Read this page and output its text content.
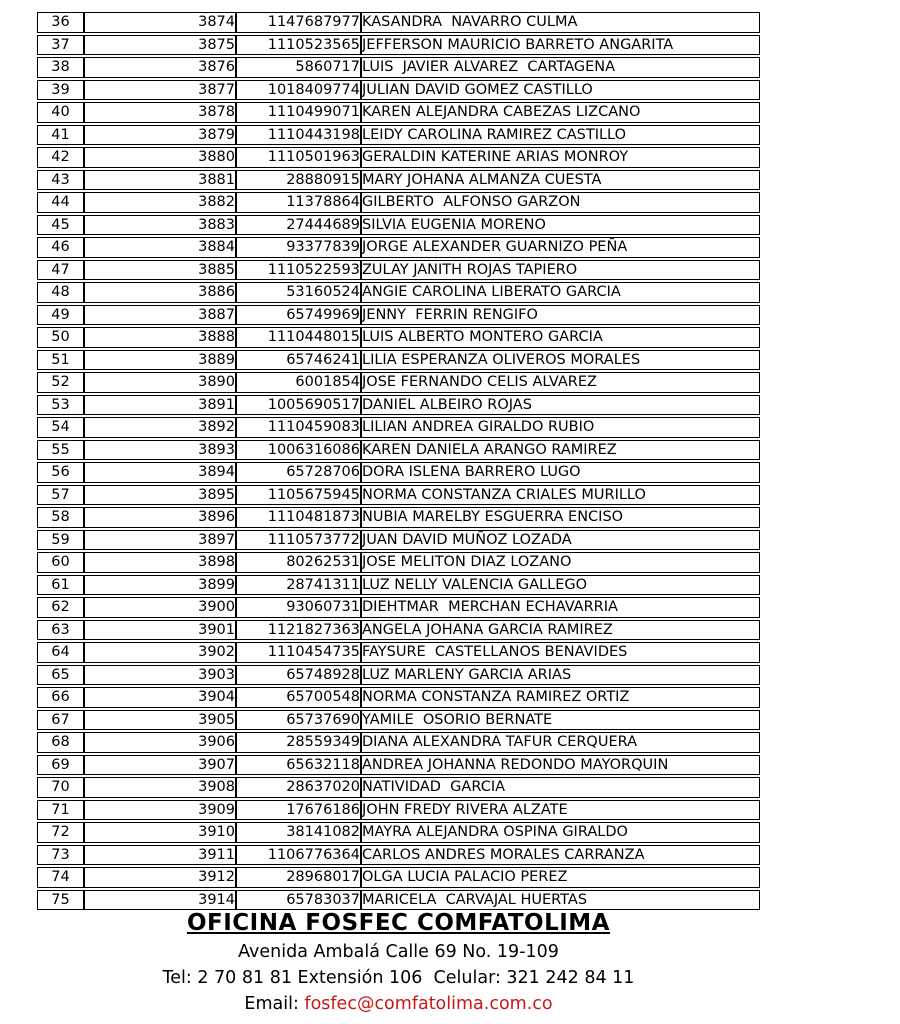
36	3874	1147687977	KASANDRA  NAVARRO CULMA
37	3875	1110523565	JEFFERSON MAURICIO BARRETO ANGARITA
38	3876	5860717	LUIS  JAVIER ALVAREZ  CARTAGENA
39	3877	1018409774	JULIAN DAVID GOMEZ CASTILLO
40	3878	1110499071	KAREN ALEJANDRA CABEZAS LIZCANO
41	3879	1110443198	LEIDY CAROLINA RAMIREZ CASTILLO
42	3880	1110501963	GERALDIN KATERINE ARIAS MONROY
43	3881	28880915	MARY JOHANA ALMANZA CUESTA
44	3882	11378864	GILBERTO  ALFONSO GARZON
45	3883	27444689	SILVIA EUGENIA MORENO
46	3884	93377839	JORGE ALEXANDER GUARNIZO PEÑA
47	3885	1110522593	ZULAY JANITH ROJAS TAPIERO
48	3886	53160524	ANGIE CAROLINA LIBERATO GARCIA
49	3887	65749969	JENNY  FERRIN RENGIFO
50	3888	1110448015	LUIS ALBERTO MONTERO GARCIA
51	3889	65746241	LILIA ESPERANZA OLIVEROS MORALES
52	3890	6001854	JOSE FERNANDO CELIS ALVAREZ
53	3891	1005690517	DANIEL ALBEIRO ROJAS
54	3892	1110459083	LILIAN ANDREA GIRALDO RUBIO
55	3893	1006316086	KAREN DANIELA ARANGO RAMIREZ
56	3894	65728706	DORA ISLENA BARRERO LUGO
57	3895	1105675945	NORMA CONSTANZA CRIALES MURILLO
58	3896	1110481873	NUBIA MARELBY ESGUERRA ENCISO
59	3897	1110573772	JUAN DAVID MUÑOZ LOZADA
60	3898	80262531	JOSE MELITON DIAZ LOZANO
61	3899	28741311	LUZ NELLY VALENCIA GALLEGO
62	3900	93060731	DIEHTMAR  MERCHAN ECHAVARRIA
63	3901	1121827363	ANGELA JOHANA GARCIA RAMIREZ
64	3902	1110454735	FAYSURE  CASTELLANOS BENAVIDES
65	3903	65748928	LUZ MARLENY GARCIA ARIAS
66	3904	65700548	NORMA CONSTANZA RAMIREZ ORTIZ
67	3905	65737690	YAMILE  OSORIO BERNATE
68	3906	28559349	DIANA ALEXANDRA TAFUR CERQUERA
69	3907	65632118	ANDREA JOHANNA REDONDO MAYORQUIN
70	3908	28637020	NATIVIDAD  GARCIA
71	3909	17676186	JOHN FREDY RIVERA ALZATE
72	3910	38141082	MAYRA ALEJANDRA OSPINA GIRALDO
73	3911	1106776364	CARLOS ANDRES MORALES CARRANZA
74	3912	28968017	OLGA LUCIA PALACIO PEREZ
75	3914	65783037	MARICELA  CARVAJAL HUERTAS
OFICINA FOSFEC COMFATOLIMA
Avenida Ambalá Calle 69 No. 19-109
Tel: 2 70 81 81 Extensión 106  Celular: 321 242 84 11
Email: fosfec@comfatolima.com.co
